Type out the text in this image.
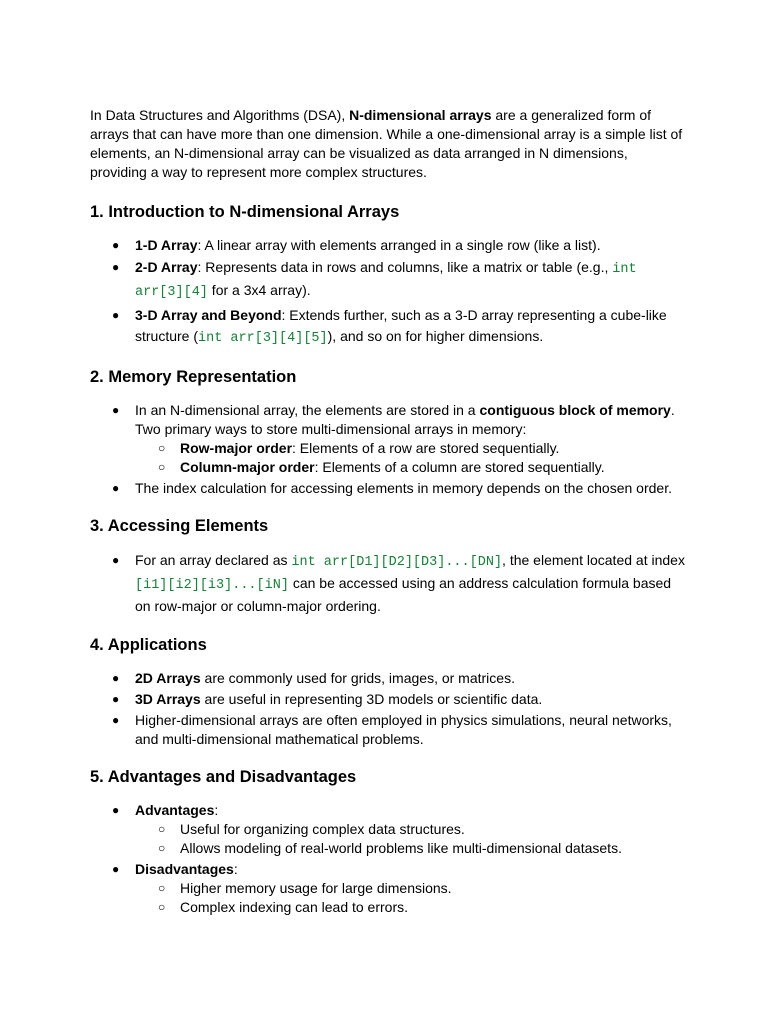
In Data Structures and Algorithms (DSA), N-dimensional arrays are a generalized form of arrays that can have more than one dimension. While a one-dimensional array is a simple list of elements, an N-dimensional array can be visualized as data arranged in N dimensions, providing a way to represent more complex structures.

1. Introduction to N-dimensional Arrays
● 1-D Array: A linear array with elements arranged in a single row (like a list).
● 2-D Array: Represents data in rows and columns, like a matrix or table (e.g., int arr[3][4] for a 3x4 array).
● 3-D Array and Beyond: Extends further, such as a 3-D array representing a cube-like structure (int arr[3][4][5]), and so on for higher dimensions.
2. Memory Representation
● In an N-dimensional array, the elements are stored in a contiguous block of memory. Two primary ways to store multi-dimensional arrays in memory:
○ Row-major order: Elements of a row are stored sequentially.
○ Column-major order: Elements of a column are stored sequentially.
● The index calculation for accessing elements in memory depends on the chosen order.
3. Accessing Elements
● For an array declared as int arr[D1][D2][D3]...[DN], the element located at index [i1][i2][i3]...[iN] can be accessed using an address calculation formula based on row-major or column-major ordering.
4. Applications
● 2D Arrays are commonly used for grids, images, or matrices.
● 3D Arrays are useful in representing 3D models or scientific data.
● Higher-dimensional arrays are often employed in physics simulations, neural networks, and multi-dimensional mathematical problems.
5. Advantages and Disadvantages
● Advantages:
○ Useful for organizing complex data structures.
○ Allows modeling of real-world problems like multi-dimensional datasets.
● Disadvantages:
○ Higher memory usage for large dimensions.
○ Complex indexing can lead to errors.
